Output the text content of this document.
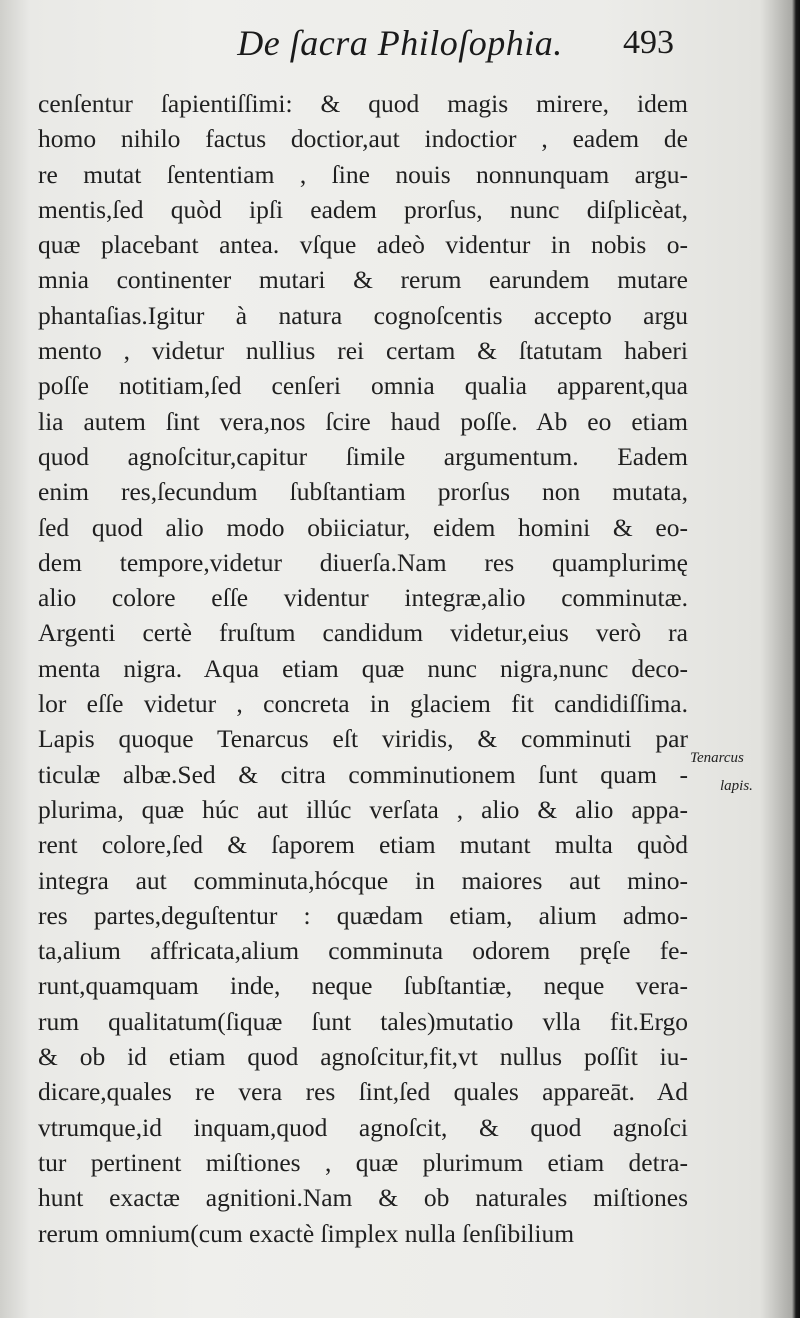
De ſacra Philoſophia.	493
cenſentur ſapientiſſimi: & quod magis mirere, idem
homo nihilo factus doctior,aut indoctior , eadem de
re mutat ſententiam , ſine nouis nonnunquam argu-
mentis,ſed quòd ipſi eadem prorſus, nunc diſplicèat,
quæ placebant antea. vſque adeò videntur in nobis o-
mnia continenter mutari & rerum earundem mutare
phantaſias.Igitur à natura cognoſcentis accepto argu
mento , videtur nullius rei certam & ſtatutam haberi
poſſe notitiam,ſed cenſeri omnia qualia apparent,qua
lia autem ſint vera,nos ſcire haud poſſe. Ab eo etiam
quod agnoſcitur,capitur ſimile argumentum. Eadem
enim res,ſecundum ſubſtantiam prorſus non mutata,
ſed quod alio modo obiiciatur, eidem homini & eo-
dem tempore,videtur diuerſa.Nam res quamplurimę
alio colore eſſe videntur integræ,alio comminutæ.
Argenti certè fruſtum candidum videtur,eius verò ra
menta nigra. Aqua etiam quæ nunc nigra,nunc deco-
lor eſſe videtur , concreta in glaciem fit candidiſſima.
Lapis quoque Tenarcus eſt viridis, & comminuti par
ticulæ albæ.Sed & citra comminutionem ſunt quam -
plurima, quæ húc aut illúc verſata , alio & alio appa-
rent colore,ſed & ſaporem etiam mutant multa quòd
integra aut comminuta,hócque in maiores aut mino-
res partes,deguſtentur : quædam etiam, alium admo-
ta,alium affricata,alium comminuta odorem pręſe fe-
runt,quamquam inde, neque ſubſtantiæ, neque vera-
rum qualitatum(ſiquæ ſunt tales)mutatio vlla fit.Ergo
& ob id etiam quod agnoſcitur,fit,vt nullus poſſit iu-
dicare,quales re vera res ſint,ſed quales appareāt. Ad
vtrumque,id inquam,quod agnoſcit, & quod agnoſci
tur pertinent miſtiones , quæ plurimum etiam detra-
hunt exactæ agnitioni.Nam & ob naturales miſtiones
rerum omnium(cum exactè ſimplex nulla ſenſibilium
Tenarcus
lapis.
